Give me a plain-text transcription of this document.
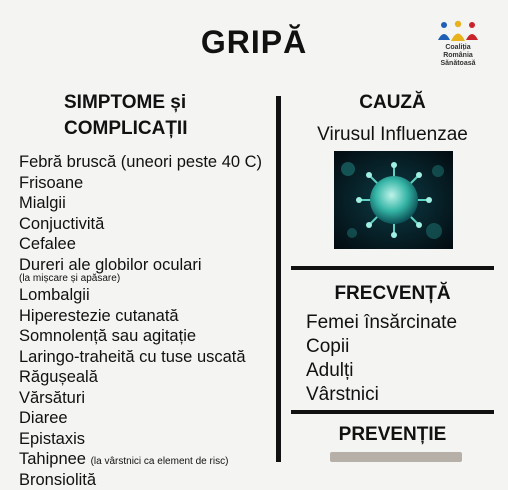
GRIPĂ	Coaliția
România
Sănătoasă
SIMPTOME și
COMPLICAȚII
Febră bruscă (uneori peste 40 C)
Frisoane
Mialgii
Conjuctivită
Cefalee
Dureri ale globilor oculari
(la mișcare și apăsare)
Lombalgii
Hiperestezie cutanată
Somnolență sau agitație
Laringo-traheită cu tuse uscată
Răgușeală
Vărsături
Diaree
Epistaxis
Tahipnee (la vârstnici ca element de risc)
Bronsiolită
CAUZĂ
Virusul Influenzae
FRECVENȚĂ
Femei însărcinate
Copii
Adulți
Vârstnici
PREVENȚIE
